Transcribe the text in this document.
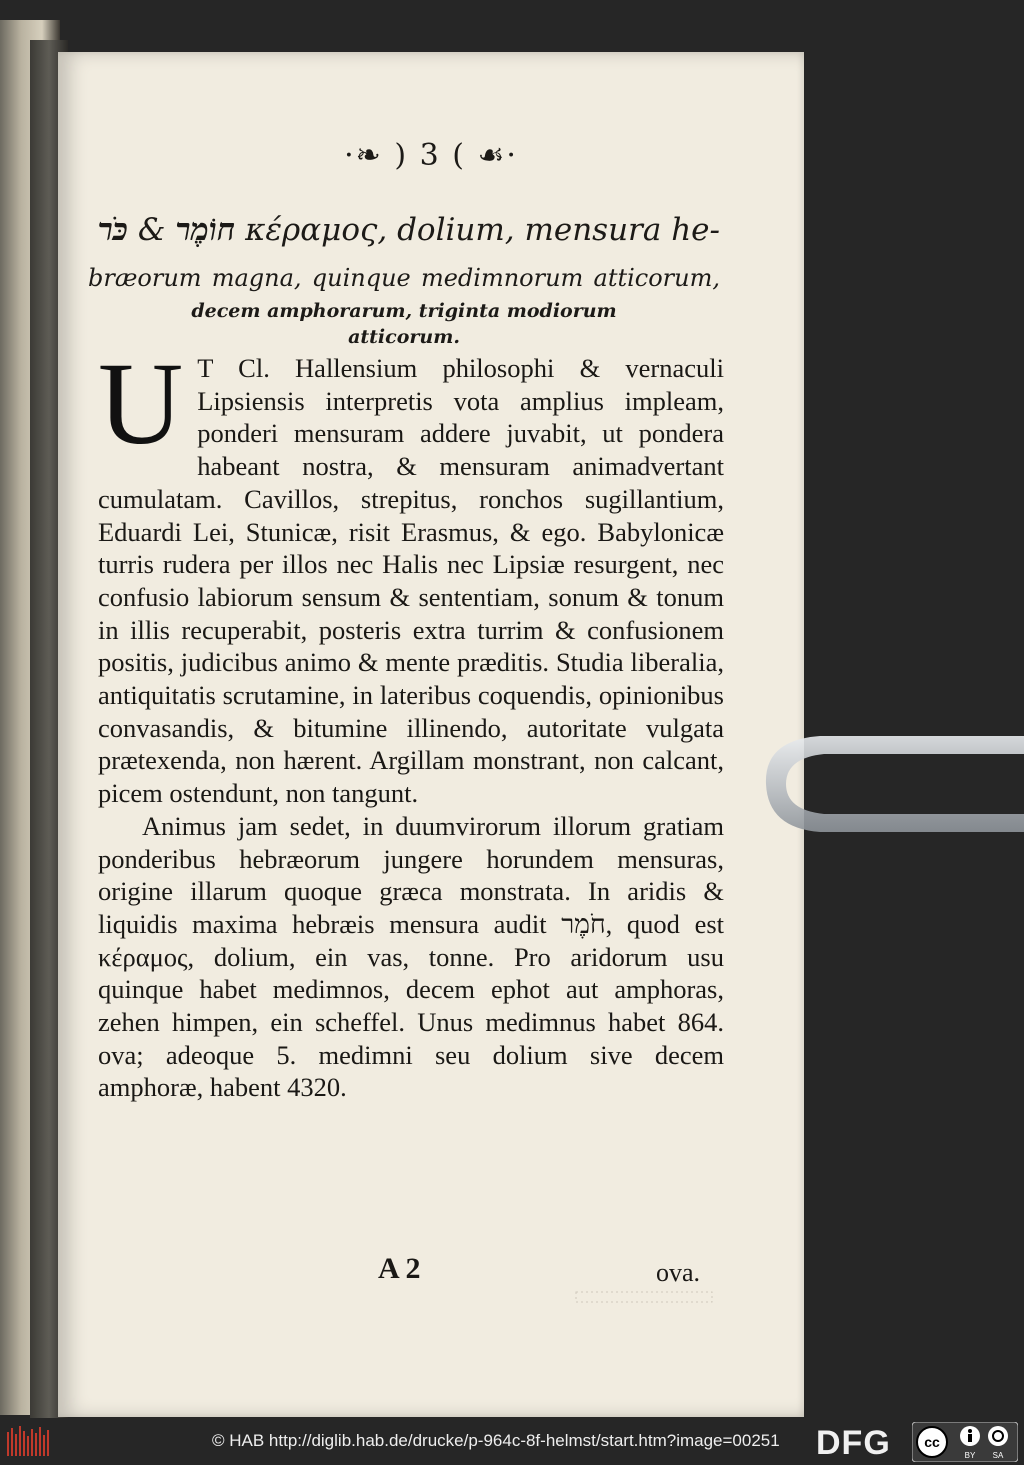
·❧ ) 3 ( ☙·
חוֹמֶר & כֹּר	κέραμος, dolium, mensura he-
bræorum magna, quinque medimnorum atticorum,
decem amphorarum, triginta modiorum
atticorum.

U T Cl. Hallensium philosophi & vernaculi Lipsiensis interpretis vota amplius impleam, ponderi mensuram addere juvabit, ut pondera habeant nostra, & mensuram animadvertant cumulatam. Cavillos, strepitus, ronchos sugillantium, Eduardi Lei, Stunicæ, risit Erasmus, & ego. Babylonicæ turris rudera per illos nec Halis nec Lipsiæ resurgent, nec confusio labiorum sensum & sententiam, sonum & tonum in illis recuperabit, posteris extra turrim & confusionem positis, judicibus animo & mente præditis. Studia liberalia, antiquitatis scrutamine, in lateribus coquendis, opinionibus convasandis, & bitumine illinendo, autoritate vulgata prætexenda, non hærent. Argillam monstrant, non calcant, picem ostendunt, non tangunt.

Animus jam sedet, in duumvirorum illorum gratiam ponderibus hebræorum jungere horundem mensuras, origine illarum quoque græca monstrata. In aridis & liquidis maxima hebræis mensura audit חֹמֶר, quod est κέραμος, dolium, ein vas, tonne. Pro aridorum usu quinque habet medimnos, decem ephot aut amphoras, zehen himpen, ein scheffel. Unus medimnus habet 864. ova; adeoque 5. medimni seu dolium sive decem amphoræ, habent 4320.

A 2	ova.
© HAB http://diglib.hab.de/drucke/p-964c-8f-helmst/start.htm?image=00251 DFG cc
BY SA
